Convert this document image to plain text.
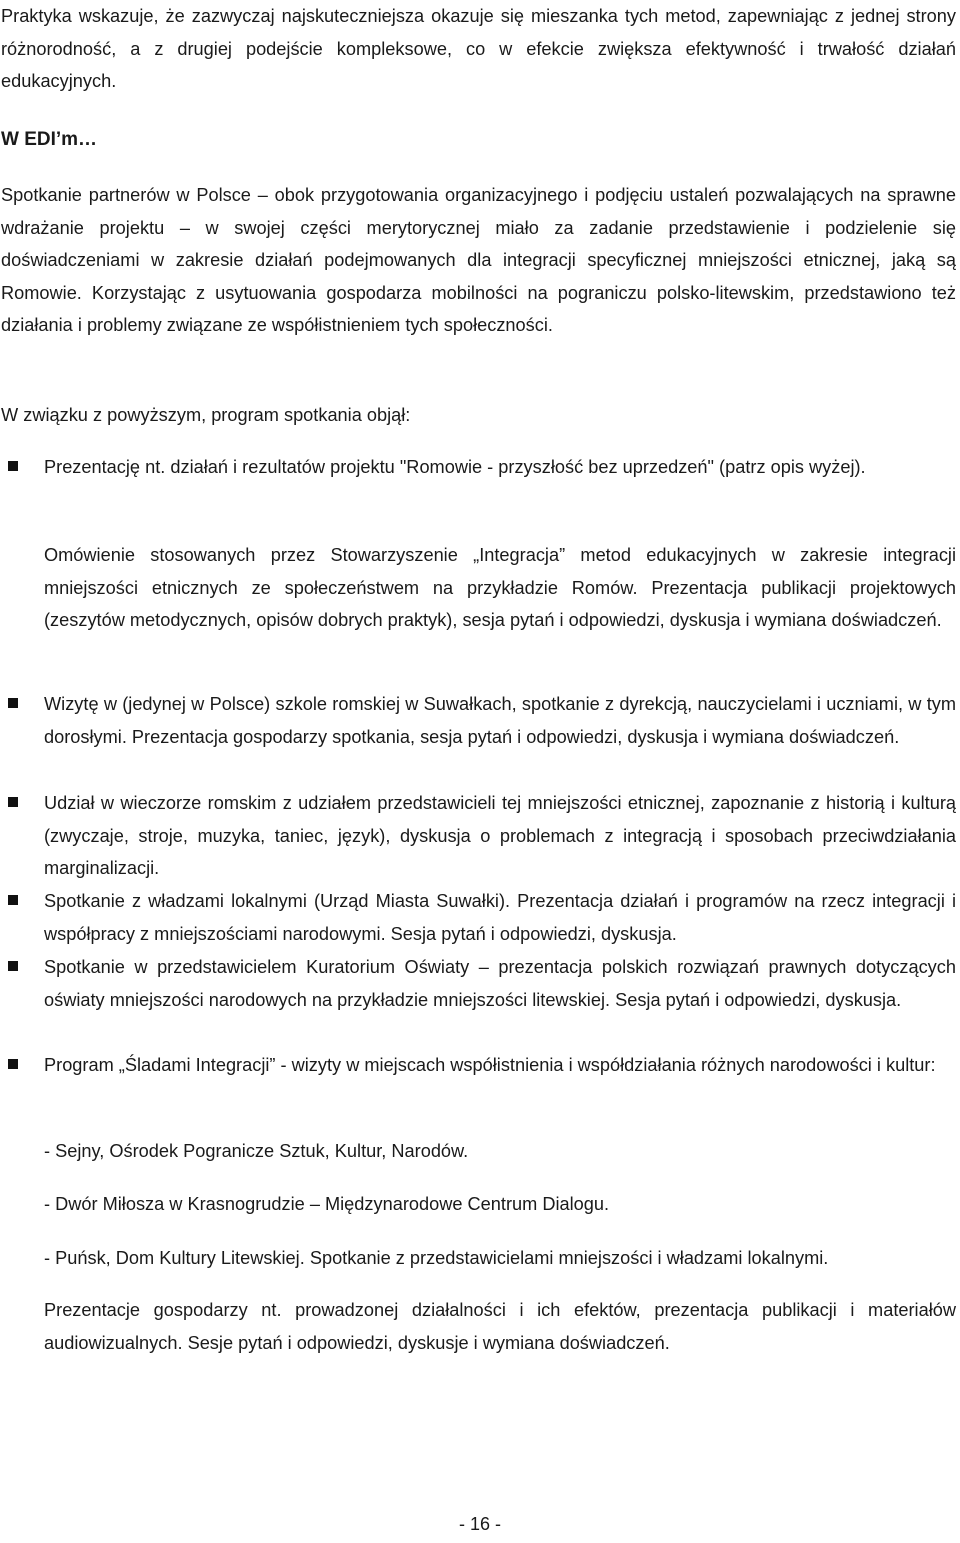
Praktyka wskazuje, że zazwyczaj najskuteczniejsza okazuje się mieszanka tych metod, zapewniając z jednej strony różnorodność, a z drugiej podejście kompleksowe, co w efekcie zwiększa efektywność i trwałość działań edukacyjnych.

W EDI’m…

Spotkanie partnerów w Polsce – obok przygotowania organizacyjnego i podjęciu ustaleń pozwalających na sprawne wdrażanie projektu – w swojej części merytorycznej miało za zadanie przedstawienie i podzielenie się doświadczeniami w zakresie działań podejmowanych dla integracji specyficznej mniejszości etnicznej, jaką są Romowie. Korzystając z usytuowania gospodarza mobilności na pograniczu polsko-litewskim, przedstawiono też działania i problemy związane ze współistnieniem tych społeczności.

W związku z powyższym, program spotkania objął:

Prezentację nt. działań i rezultatów projektu "Romowie - przyszłość bez uprzedzeń" (patrz opis wyżej).

Omówienie stosowanych przez Stowarzyszenie „Integracja” metod edukacyjnych w zakresie integracji mniejszości etnicznych ze społeczeństwem na przykładzie Romów. Prezentacja publikacji projektowych (zeszytów metodycznych, opisów dobrych praktyk), sesja pytań i odpowiedzi, dyskusja i wymiana doświadczeń.

Wizytę w (jedynej w Polsce) szkole romskiej w Suwałkach, spotkanie z dyrekcją, nauczycielami i uczniami, w tym dorosłymi. Prezentacja gospodarzy spotkania, sesja pytań i odpowiedzi, dyskusja i wymiana doświadczeń.

Udział w wieczorze romskim z udziałem przedstawicieli tej mniejszości etnicznej, zapoznanie z historią i kulturą (zwyczaje, stroje, muzyka, taniec, język), dyskusja o problemach z integracją i sposobach przeciwdziałania marginalizacji.

Spotkanie z władzami lokalnymi (Urząd Miasta Suwałki). Prezentacja działań i programów na rzecz integracji i współpracy z mniejszościami narodowymi. Sesja pytań i odpowiedzi, dyskusja.

Spotkanie w przedstawicielem Kuratorium Oświaty – prezentacja polskich rozwiązań prawnych dotyczących oświaty mniejszości narodowych na przykładzie mniejszości litewskiej. Sesja pytań i odpowiedzi, dyskusja.

Program „Śladami Integracji” - wizyty w miejscach współistnienia i współdziałania różnych narodowości i kultur:

- Sejny, Ośrodek Pogranicze Sztuk, Kultur, Narodów.

- Dwór Miłosza w Krasnogrudzie – Międzynarodowe Centrum Dialogu.

- Puńsk, Dom Kultury Litewskiej. Spotkanie z przedstawicielami mniejszości i władzami lokalnymi.

Prezentacje gospodarzy nt. prowadzonej działalności i ich efektów, prezentacja publikacji i materiałów audiowizualnych. Sesje pytań i odpowiedzi, dyskusje i wymiana doświadczeń.

- 16 -
